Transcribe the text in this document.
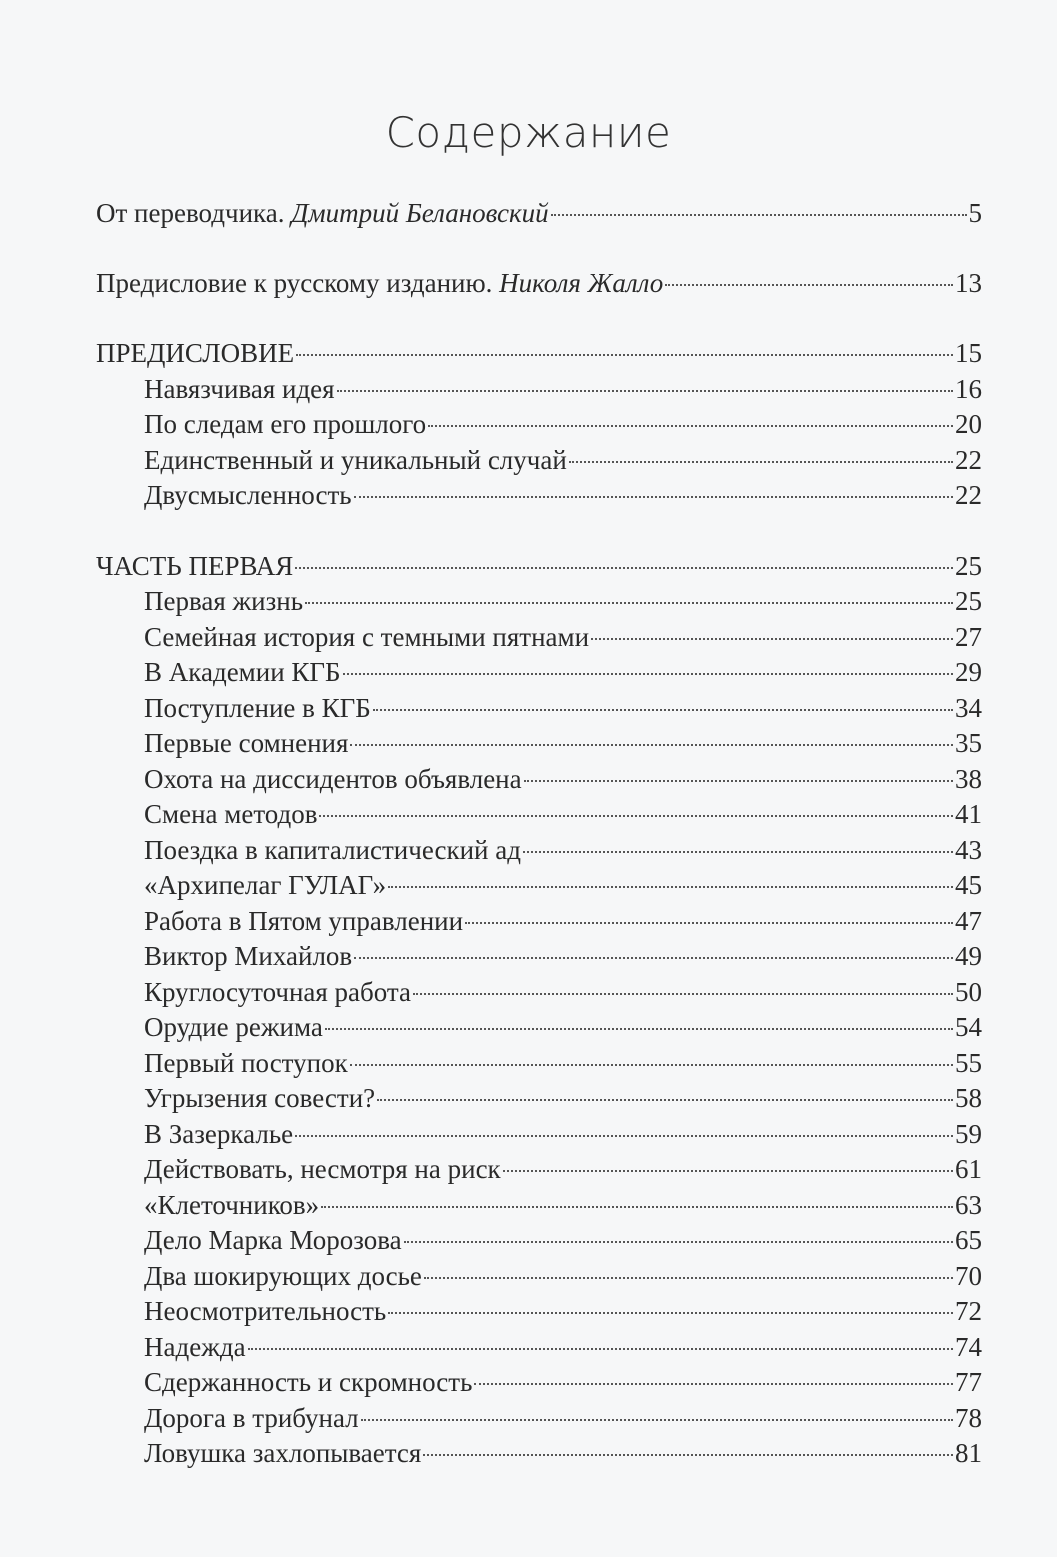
Содержание
От переводчика. Дмитрий Белановский	5
Предисловие к русскому изданию. Николя Жалло	13
ПРЕДИСЛОВИЕ	15
Навязчивая идея	16
По следам его прошлого	20
Единственный и уникальный случай	22
Двусмысленность	22
ЧАСТЬ ПЕРВАЯ	25
Первая жизнь	25
Семейная история с темными пятнами	27
В Академии КГБ	29
Поступление в КГБ	34
Первые сомнения	35
Охота на диссидентов объявлена	38
Смена методов	41
Поездка в капиталистический ад	43
«Архипелаг ГУЛАГ»	45
Работа в Пятом управлении	47
Виктор Михайлов	49
Круглосуточная работа	50
Орудие режима	54
Первый поступок	55
Угрызения совести?	58
В Зазеркалье	59
Действовать, несмотря на риск	61
«Клеточников»	63
Дело Марка Морозова	65
Два шокирующих досье	70
Неосмотрительность	72
Надежда	74
Сдержанность и скромность	77
Дорога в трибунал	78
Ловушка захлопывается	81
